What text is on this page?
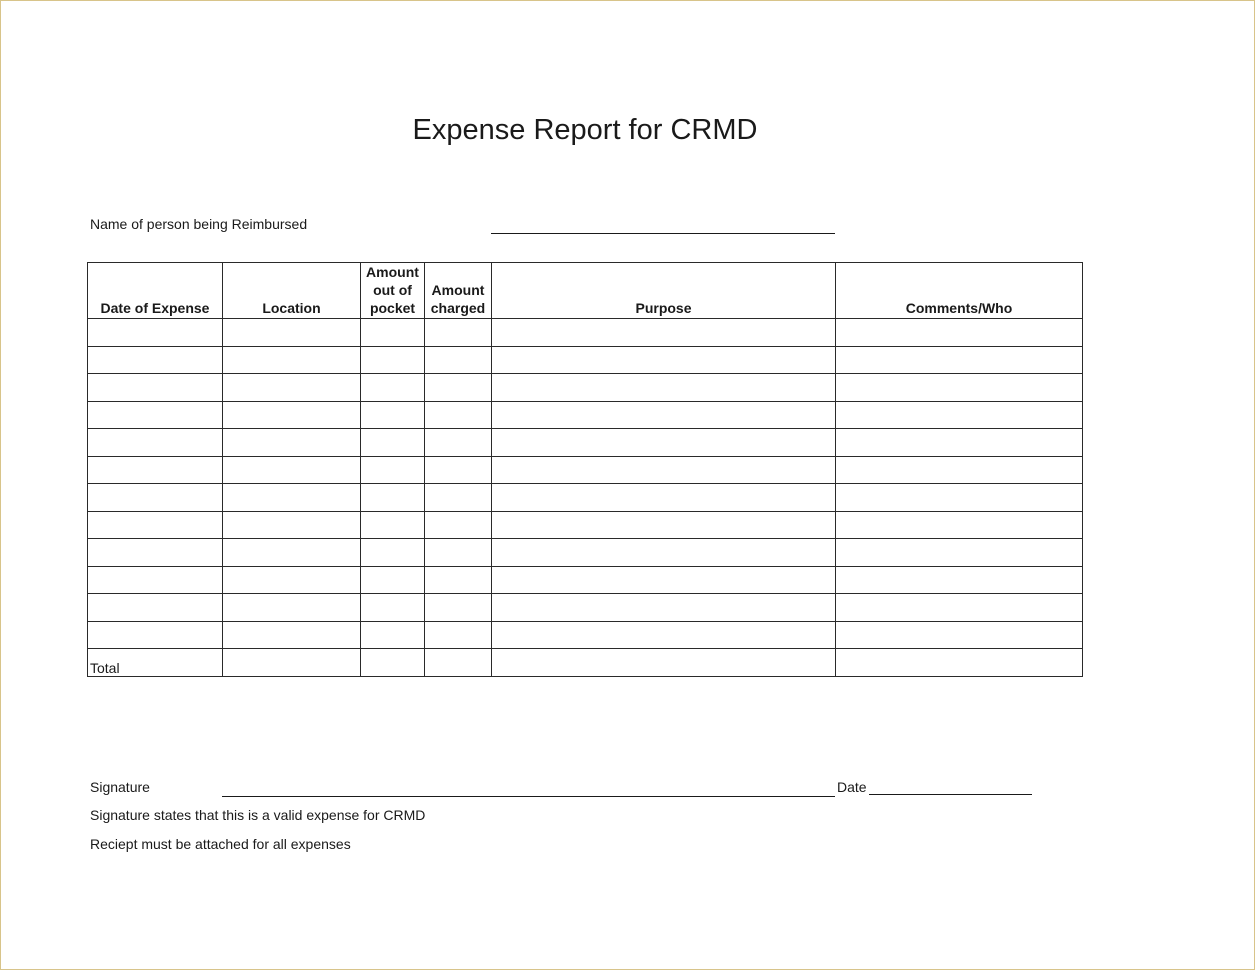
Expense Report for CRMD
Name of person being Reimbursed
Date of Expense	Location	Amount out of pocket	Amount charged	Purpose	Comments/Who

Total					
Signature	Date
Signature states that this is a valid expense for CRMD
Reciept must be attached for all expenses
